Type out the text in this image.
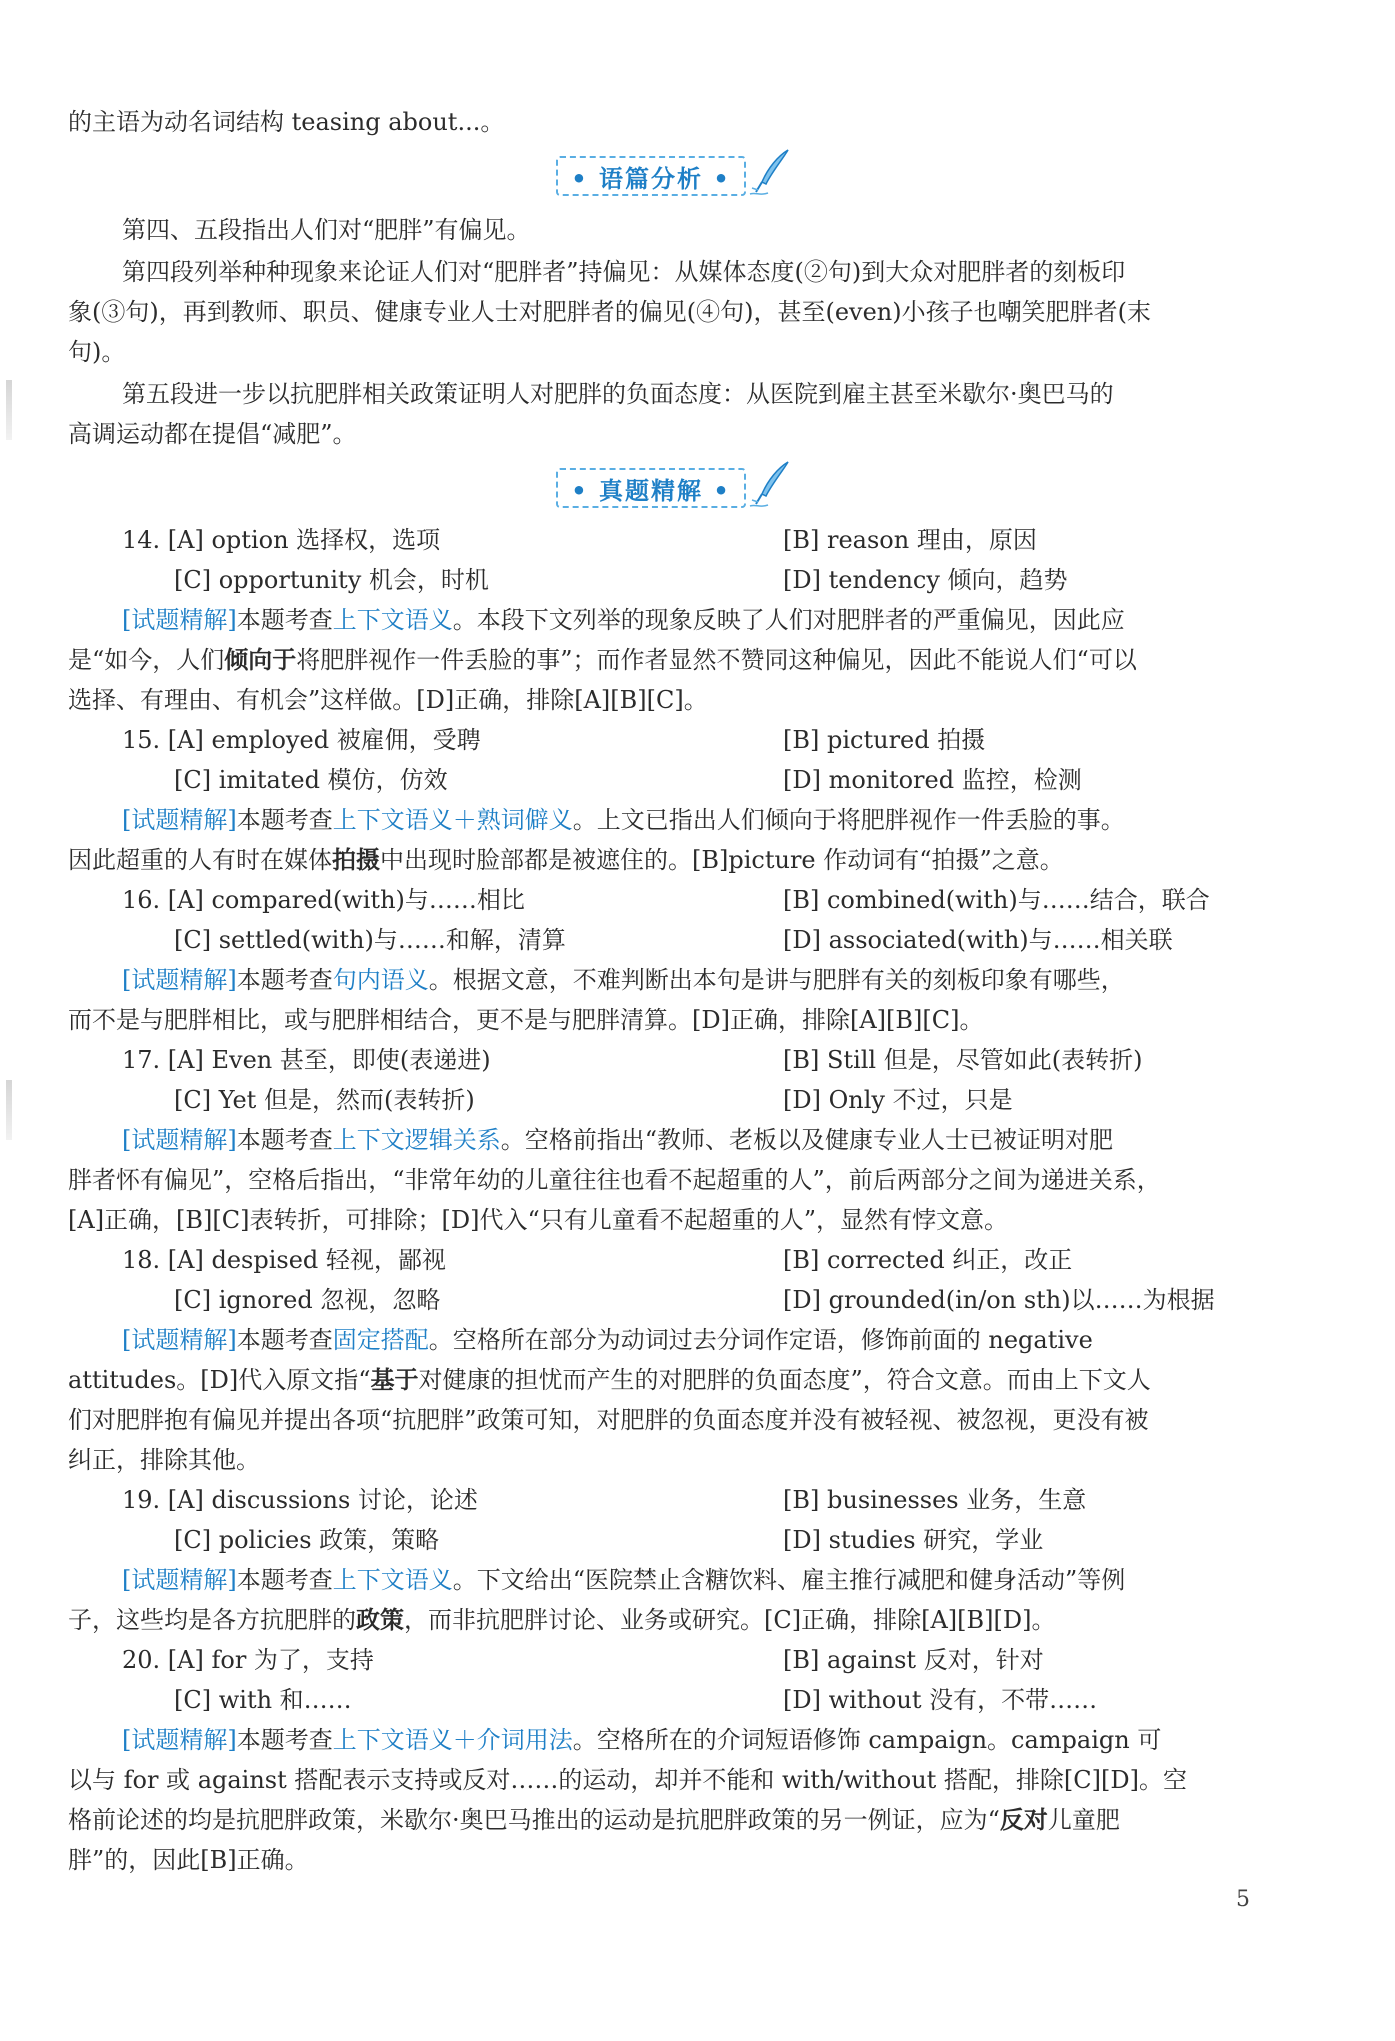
的主语为动名词结构 teasing about...。
• 语篇分析 •
第四、五段指出人们对“肥胖”有偏见。
第四段列举种种现象来论证人们对“肥胖者”持偏见：从媒体态度(②句)到大众对肥胖者的刻板印
象(③句)，再到教师、职员、健康专业人士对肥胖者的偏见(④句)，甚至(even)小孩子也嘲笑肥胖者(末
句)。
第五段进一步以抗肥胖相关政策证明人对肥胖的负面态度：从医院到雇主甚至米歇尔·奥巴马的
高调运动都在提倡“减肥”。
• 真题精解 •
14. [A] option 选择权，选项	[B] reason 理由，原因
[C] opportunity 机会，时机	[D] tendency 倾向，趋势
[试题精解]本题考查上下文语义。本段下文列举的现象反映了人们对肥胖者的严重偏见，因此应
是“如今，人们倾向于将肥胖视作一件丢脸的事”；而作者显然不赞同这种偏见，因此不能说人们“可以
选择、有理由、有机会”这样做。[D]正确，排除[A][B][C]。
15. [A] employed 被雇佣，受聘	[B] pictured 拍摄
[C] imitated 模仿，仿效	[D] monitored 监控，检测
[试题精解]本题考查上下文语义＋熟词僻义。上文已指出人们倾向于将肥胖视作一件丢脸的事。
因此超重的人有时在媒体拍摄中出现时脸部都是被遮住的。[B]picture 作动词有“拍摄”之意。
16. [A] compared(with)与……相比	[B] combined(with)与……结合，联合
[C] settled(with)与……和解，清算	[D] associated(with)与……相关联
[试题精解]本题考查句内语义。根据文意，不难判断出本句是讲与肥胖有关的刻板印象有哪些，
而不是与肥胖相比，或与肥胖相结合，更不是与肥胖清算。[D]正确，排除[A][B][C]。
17. [A] Even 甚至，即使(表递进)	[B] Still 但是，尽管如此(表转折)
[C] Yet 但是，然而(表转折)	[D] Only 不过，只是
[试题精解]本题考查上下文逻辑关系。空格前指出“教师、老板以及健康专业人士已被证明对肥
胖者怀有偏见”，空格后指出，“非常年幼的儿童往往也看不起超重的人”，前后两部分之间为递进关系，
[A]正确，[B][C]表转折，可排除；[D]代入“只有儿童看不起超重的人”，显然有悖文意。
18. [A] despised 轻视，鄙视	[B] corrected 纠正，改正
[C] ignored 忽视，忽略	[D] grounded(in/on sth)以……为根据
[试题精解]本题考查固定搭配。空格所在部分为动词过去分词作定语，修饰前面的 negative
attitudes。[D]代入原文指“基于对健康的担忧而产生的对肥胖的负面态度”，符合文意。而由上下文人
们对肥胖抱有偏见并提出各项“抗肥胖”政策可知，对肥胖的负面态度并没有被轻视、被忽视，更没有被
纠正，排除其他。
19. [A] discussions 讨论，论述	[B] businesses 业务，生意
[C] policies 政策，策略	[D] studies 研究，学业
[试题精解]本题考查上下文语义。下文给出“医院禁止含糖饮料、雇主推行减肥和健身活动”等例
子，这些均是各方抗肥胖的政策，而非抗肥胖讨论、业务或研究。[C]正确，排除[A][B][D]。
20. [A] for 为了，支持	[B] against 反对，针对
[C] with 和……	[D] without 没有，不带……
[试题精解]本题考查上下文语义＋介词用法。空格所在的介词短语修饰 campaign。campaign 可
以与 for 或 against 搭配表示支持或反对……的运动，却并不能和 with/without 搭配，排除[C][D]。空
格前论述的均是抗肥胖政策，米歇尔·奥巴马推出的运动是抗肥胖政策的另一例证，应为“反对儿童肥
胖”的，因此[B]正确。
5
